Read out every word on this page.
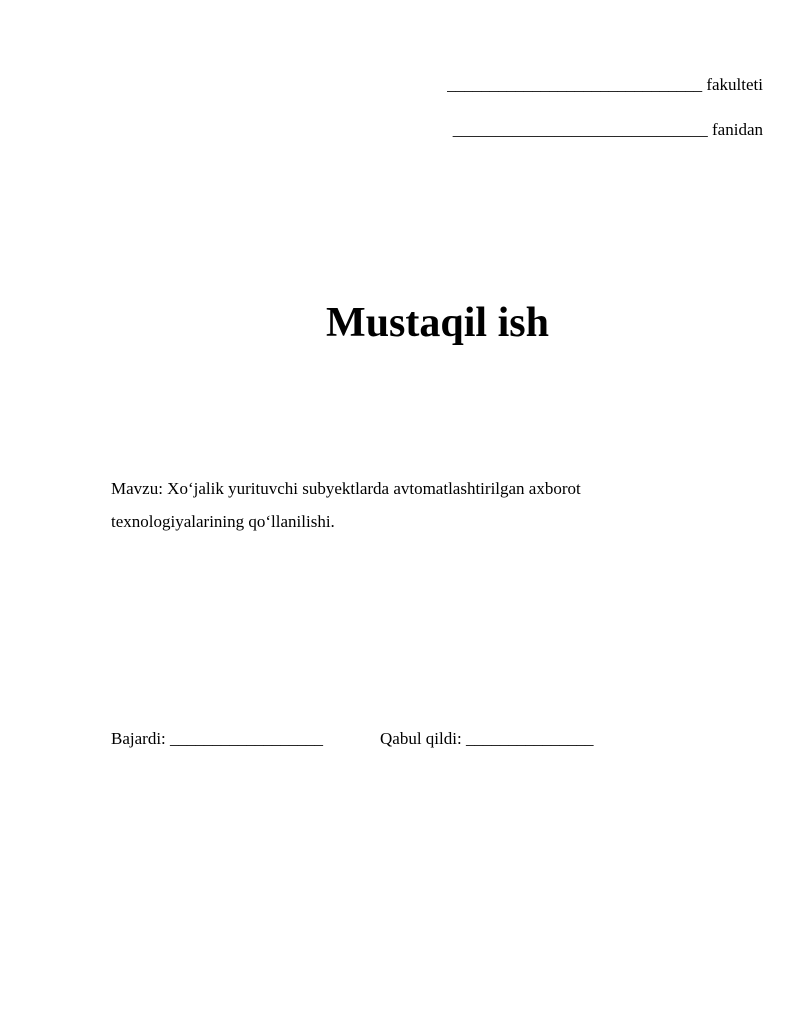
______________________________ fakulteti
______________________________ fanidan
Mustaqil ish
Mavzu: Xo‘jalik yurituvchi subyektlarda avtomatlashtirilgan axborot texnologiyalarining qo‘llanilishi.

Bajardi: __________________

	Qabul qildi: _______________
